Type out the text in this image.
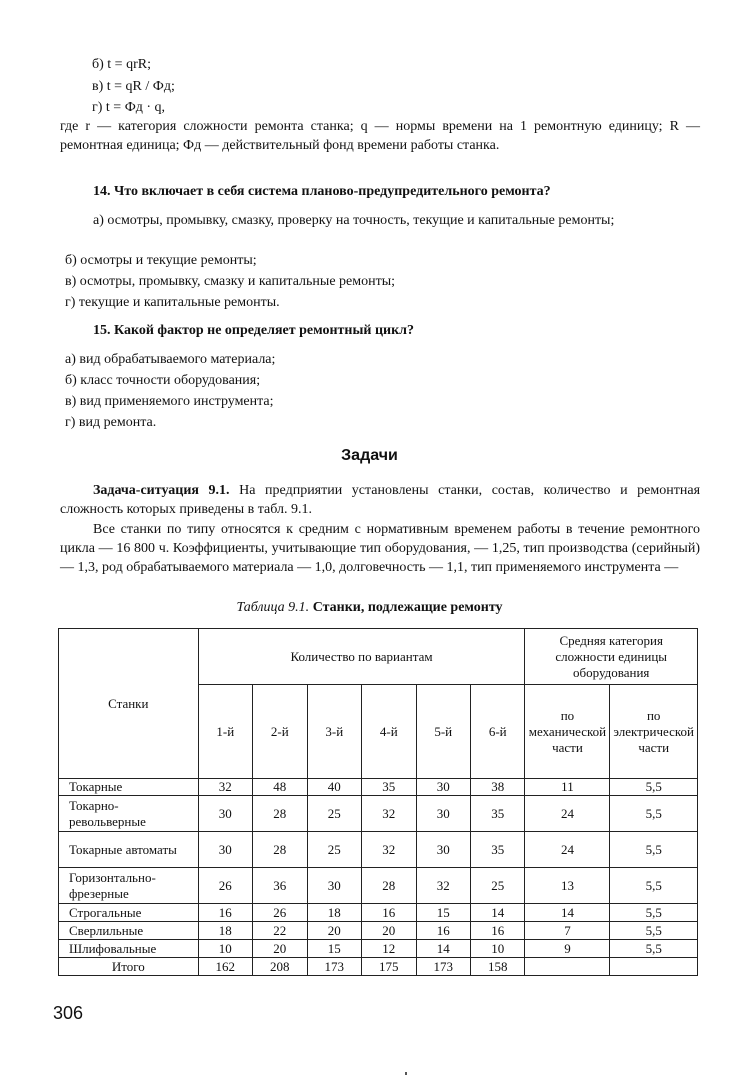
б) t = qrR;
в) t = qR / Фд;
г) t = Фд · q,
где r — категория сложности ремонта станка; q — нормы времени на 1 ремонтную единицу; R — ремонтная единица; Фд — действительный фонд времени работы станка.
14. Что включает в себя система планово-предупредительного ремонта?
а) осмотры, промывку, смазку, проверку на точность, текущие и капитальные ремонты;
б) осмотры и текущие ремонты;
в) осмотры, промывку, смазку и капитальные ремонты;
г) текущие и капитальные ремонты.
15. Какой фактор не определяет ремонтный цикл?
а) вид обрабатываемого материала;
б) класс точности оборудования;
в) вид применяемого инструмента;
г) вид ремонта.
Задачи
Задача-ситуация 9.1. На предприятии установлены станки, состав, количество и ремонтная сложность которых приведены в табл. 9.1.
Все станки по типу относятся к средним с нормативным временем работы в течение ремонтного цикла — 16 800 ч. Коэффициенты, учитывающие тип оборудования, — 1,25, тип производства (серийный) — 1,3, род обрабатываемого материала — 1,0, долговечность — 1,1, тип применяемого инструмента —
Таблица 9.1. Станки, подлежащие ремонту
Станки	Количество по вариантам						Средняя категория сложности единицы оборудования	
	1-й	2-й	3-й	4-й	5-й	6-й	по механической части	по электрической части
Токарные	32	48	40	35	30	38	11	5,5
Токарно-револьверные	30	28	25	32	30	35	24	5,5
Токарные автоматы	30	28	25	32	30	35	24	5,5
Горизонтально-фрезерные	26	36	30	28	32	25	13	5,5
Строгальные	16	26	18	16	15	14	14	5,5
Сверлильные	18	22	20	20	16	16	7	5,5
Шлифовальные	10	20	15	12	14	10	9	5,5
Итого	162	208	173	175	173	158		
306
